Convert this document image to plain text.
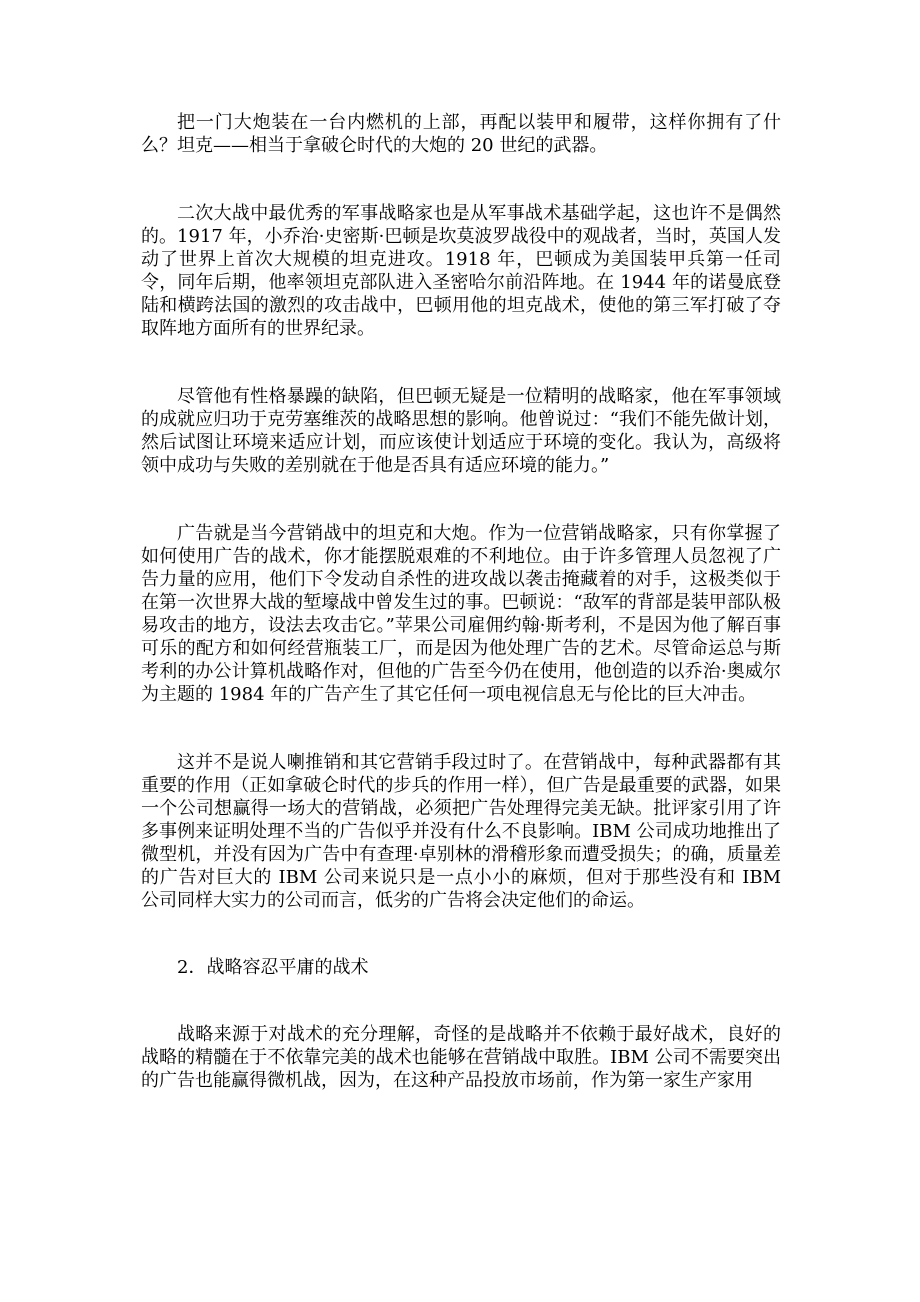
把一门大炮装在一台内燃机的上部，再配以装甲和履带，这样你拥有了什么？坦克——相当于拿破仑时代的大炮的 20 世纪的武器。

二次大战中最优秀的军事战略家也是从军事战术基础学起，这也许不是偶然的。1917 年，小乔治·史密斯·巴顿是坎莫波罗战役中的观战者，当时，英国人发动了世界上首次大规模的坦克进攻。1918 年，巴顿成为美国装甲兵第一任司令，同年后期，他率领坦克部队进入圣密哈尔前沿阵地。在 1944 年的诺曼底登陆和横跨法国的激烈的攻击战中，巴顿用他的坦克战术，使他的第三军打破了夺取阵地方面所有的世界纪录。

尽管他有性格暴躁的缺陷，但巴顿无疑是一位精明的战略家，他在军事领域的成就应归功于克劳塞维茨的战略思想的影响。他曾说过：“我们不能先做计划，然后试图让环境来适应计划，而应该使计划适应于环境的变化。我认为，高级将领中成功与失败的差别就在于他是否具有适应环境的能力。”

广告就是当今营销战中的坦克和大炮。作为一位营销战略家，只有你掌握了如何使用广告的战术，你才能摆脱艰难的不利地位。由于许多管理人员忽视了广告力量的应用，他们下令发动自杀性的进攻战以袭击掩藏着的对手，这极类似于在第一次世界大战的堑壕战中曾发生过的事。巴顿说：“敌军的背部是装甲部队极易攻击的地方，设法去攻击它。”苹果公司雇佣约翰·斯考利，不是因为他了解百事可乐的配方和如何经营瓶装工厂，而是因为他处理广告的艺术。尽管命运总与斯考利的办公计算机战略作对，但他的广告至今仍在使用，他创造的以乔治·奥威尔为主题的 1984 年的广告产生了其它任何一项电视信息无与伦比的巨大冲击。

这并不是说人喇推销和其它营销手段过时了。在营销战中，每种武器都有其重要的作用（正如拿破仑时代的步兵的作用一样），但广告是最重要的武器，如果一个公司想赢得一场大的营销战，必须把广告处理得完美无缺。批评家引用了许多事例来证明处理不当的广告似乎并没有什么不良影响。IBM 公司成功地推出了微型机，并没有因为广告中有查理·卓别林的滑稽形象而遭受损失；的确，质量差的广告对巨大的 IBM 公司来说只是一点小小的麻烦，但对于那些没有和 IBM 公司同样大实力的公司而言，低劣的广告将会决定他们的命运。

2．战略容忍平庸的战术

战略来源于对战术的充分理解，奇怪的是战略并不依赖于最好战术，良好的战略的精髓在于不依靠完美的战术也能够在营销战中取胜。IBM 公司不需要突出的广告也能赢得微机战，因为，在这种产品投放市场前，作为第一家生产家用
